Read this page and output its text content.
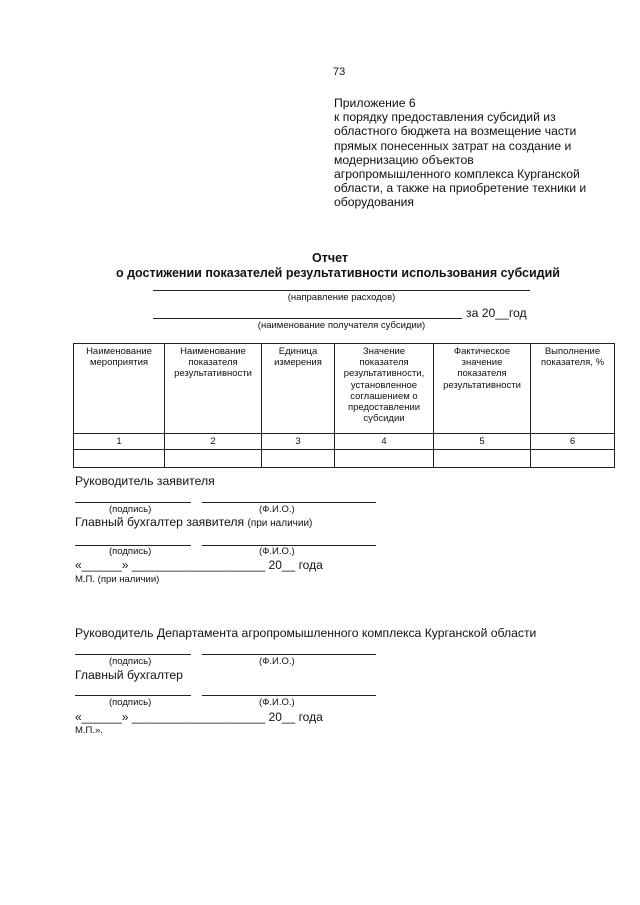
73
Приложение 6
к порядку предоставления субсидий из
областного бюджета на возмещение части
прямых понесенных затрат на создание и
модернизацию объектов
агропромышленного комплекса Курганской
области, а также на приобретение техники и
оборудования
Отчет
о достижении показателей результативности использования субсидий
(направление расходов)
за 20__год
(наименование получателя субсидии)
Наименование мероприятия	Наименование показателя результативности	Единица измерения	Значение показателя результативности, установленное соглашением о предоставлении субсидии	Фактическое значение показателя результативности	Выполнение показателя, %
1	2	3	4	5	6

Руководитель заявителя
(подпись)	(Ф.И.О.)
Главный бухгалтер заявителя (при наличии)
(подпись)	(Ф.И.О.)
«______» ____________________ 20__ года
М.П. (при наличии)
Руководитель Департамента агропромышленного комплекса Курганской области
(подпись)	(Ф.И.О.)
Главный бухгалтер
(подпись)	(Ф.И.О.)
«______» ____________________ 20__ года
М.П.».
